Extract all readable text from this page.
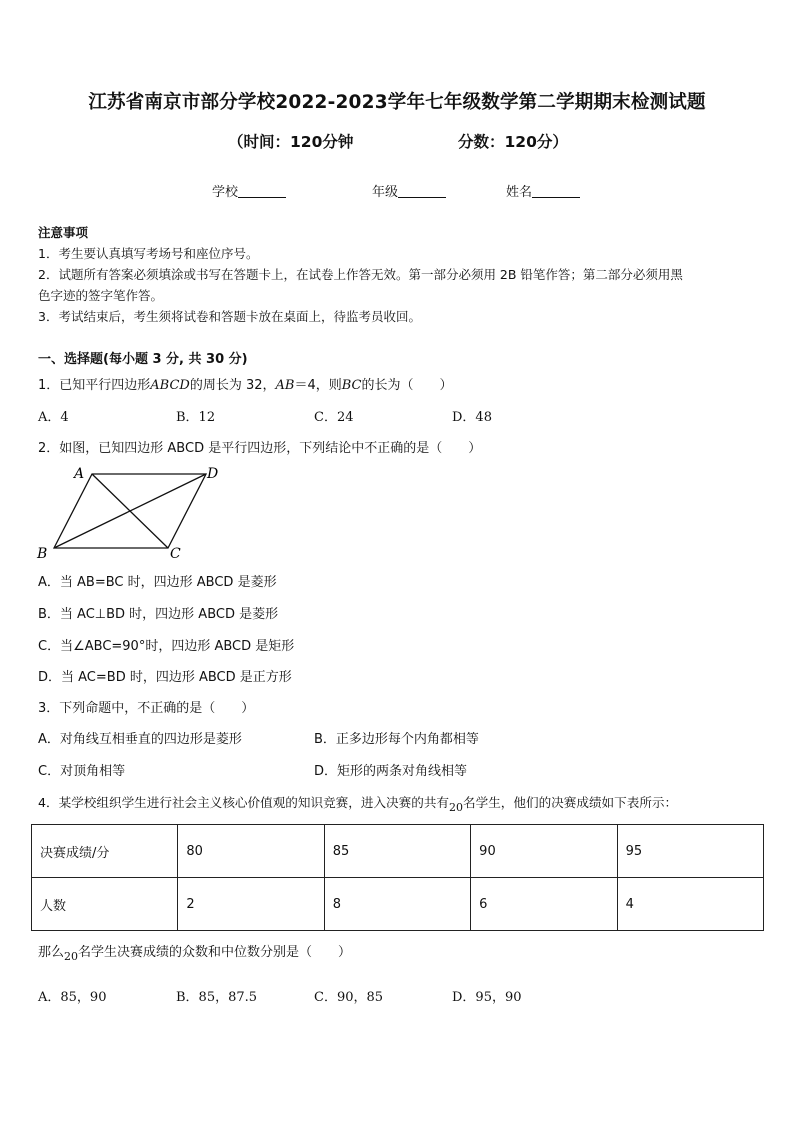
江苏省南京市部分学校2022-2023学年七年级数学第二学期期末检测试题
（时间：120分钟	分数：120分）
学校	年级	姓名
注意事项
1．考生要认真填写考场号和座位序号。
2．试题所有答案必须填涂或书写在答题卡上，在试卷上作答无效。第一部分必须用 2B 铅笔作答；第二部分必须用黑
色字迹的签字笔作答。
3．考试结束后，考生须将试卷和答题卡放在桌面上，待监考员收回。
一、选择题(每小题 3 分, 共 30 分)
1．已知平行四边形ABCD的周长为 32，AB＝4，则BC的长为（　　）
A．4	B．12	C．24	D．48
2．如图，已知四边形 ABCD 是平行四边形，下列结论中不正确的是（　　）
A	D
B	C
A．当 AB=BC 时，四边形 ABCD 是菱形
B．当 AC⊥BD 时，四边形 ABCD 是菱形
C．当∠ABC=90°时，四边形 ABCD 是矩形
D．当 AC=BD 时，四边形 ABCD 是正方形
3．下列命题中，不正确的是（　　）
A．对角线互相垂直的四边形是菱形	B．正多边形每个内角都相等
C．对顶角相等	D．矩形的两条对角线相等
4．某学校组织学生进行社会主义核心价值观的知识竞赛，进入决赛的共有20名学生，他们的决赛成绩如下表所示：
决赛成绩/分	80	85	90	95
人数	2	8	6	4
那么$_{20}$名学生决赛成绩的众数和中位数分别是（　　）
A．85，90	B．85，87.5	C．90，85	D．95，90
